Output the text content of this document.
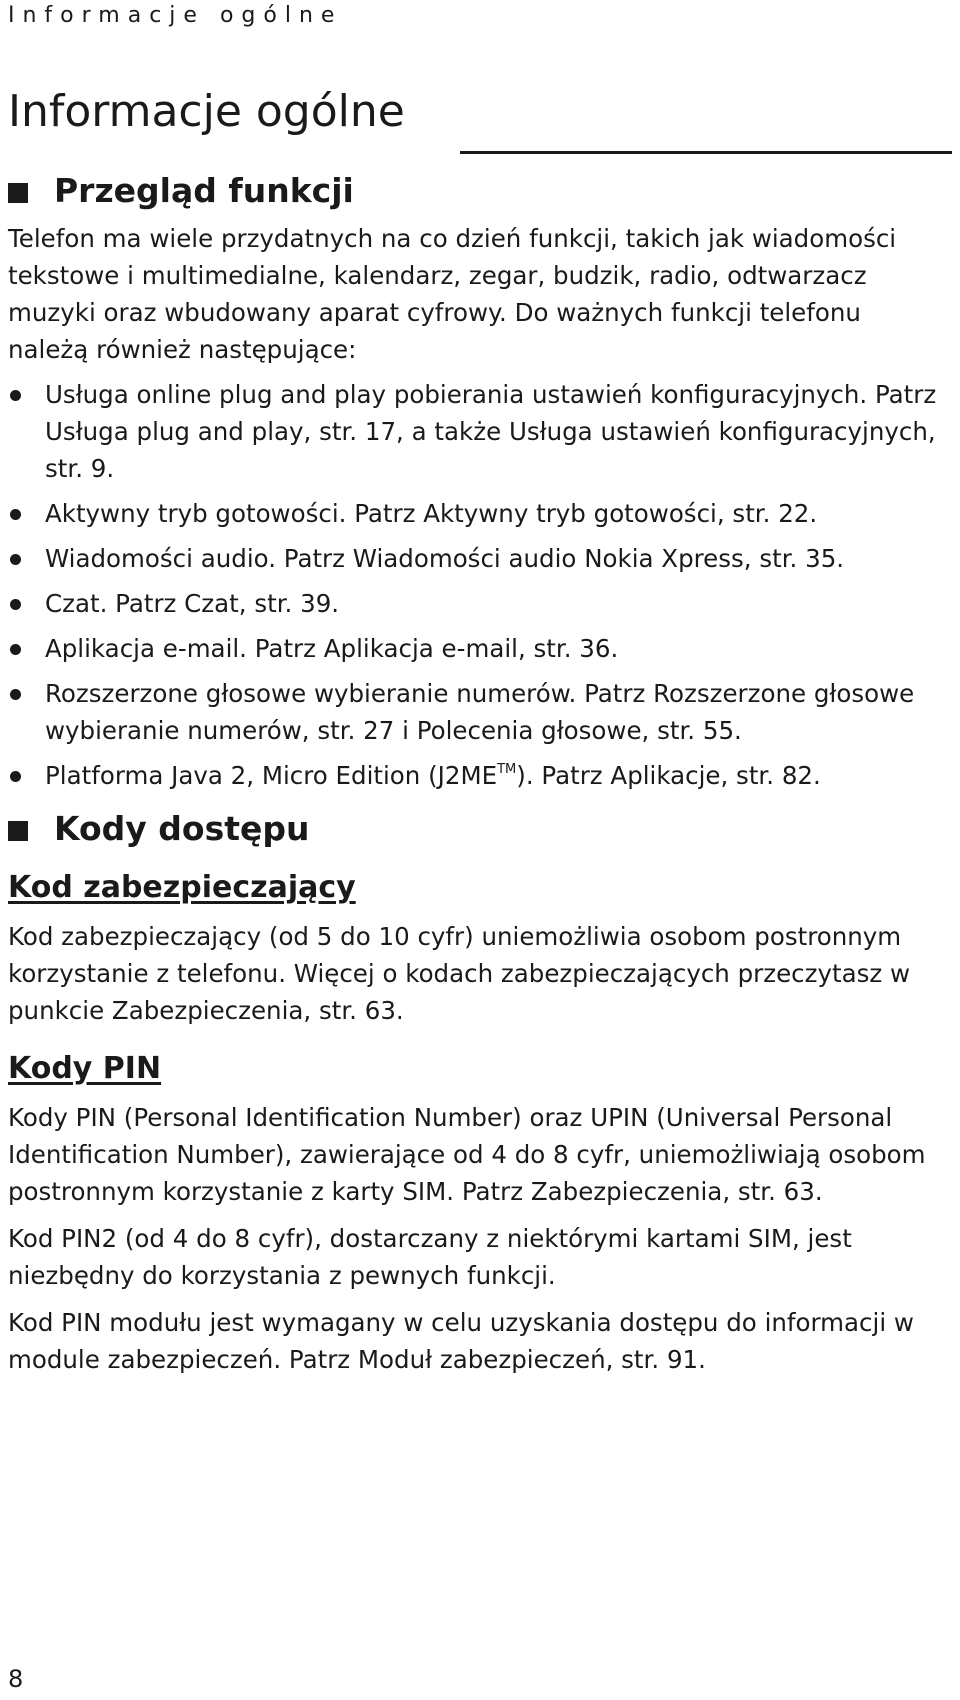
Informacje ogólne
Informacje ogólne
Przegląd funkcji

Telefon ma wiele przydatnych na co dzień funkcji, takich jak wiadomości tekstowe i multimedialne, kalendarz, zegar, budzik, radio, odtwarzacz muzyki oraz wbudowany aparat cyfrowy. Do ważnych funkcji telefonu należą również następujące:

Usługa online plug and play pobierania ustawień konfiguracyjnych. Patrz Usługa plug and play, str. 17, a także Usługa ustawień konfiguracyjnych, str. 9.
Aktywny tryb gotowości. Patrz Aktywny tryb gotowości, str. 22.
Wiadomości audio. Patrz Wiadomości audio Nokia Xpress, str. 35.
Czat. Patrz Czat, str. 39.
Aplikacja e-mail. Patrz Aplikacja e-mail, str. 36.
Rozszerzone głosowe wybieranie numerów. Patrz Rozszerzone głosowe wybieranie numerów, str. 27 i Polecenia głosowe, str. 55.
Platforma Java 2, Micro Edition (J2ME™). Patrz Aplikacje, str. 82.
Kody dostępu
Kod zabezpieczający

Kod zabezpieczający (od 5 do 10 cyfr) uniemożliwia osobom postronnym korzystanie z telefonu. Więcej o kodach zabezpieczających przeczytasz w punkcie Zabezpieczenia, str. 63.

Kody PIN

Kody PIN (Personal Identification Number) oraz UPIN (Universal Personal Identification Number), zawierające od 4 do 8 cyfr, uniemożliwiają osobom postronnym korzystanie z karty SIM. Patrz Zabezpieczenia, str. 63.

Kod PIN2 (od 4 do 8 cyfr), dostarczany z niektórymi kartami SIM, jest niezbędny do korzystania z pewnych funkcji.

Kod PIN modułu jest wymagany w celu uzyskania dostępu do informacji w module zabezpieczeń. Patrz Moduł zabezpieczeń, str. 91.

8
